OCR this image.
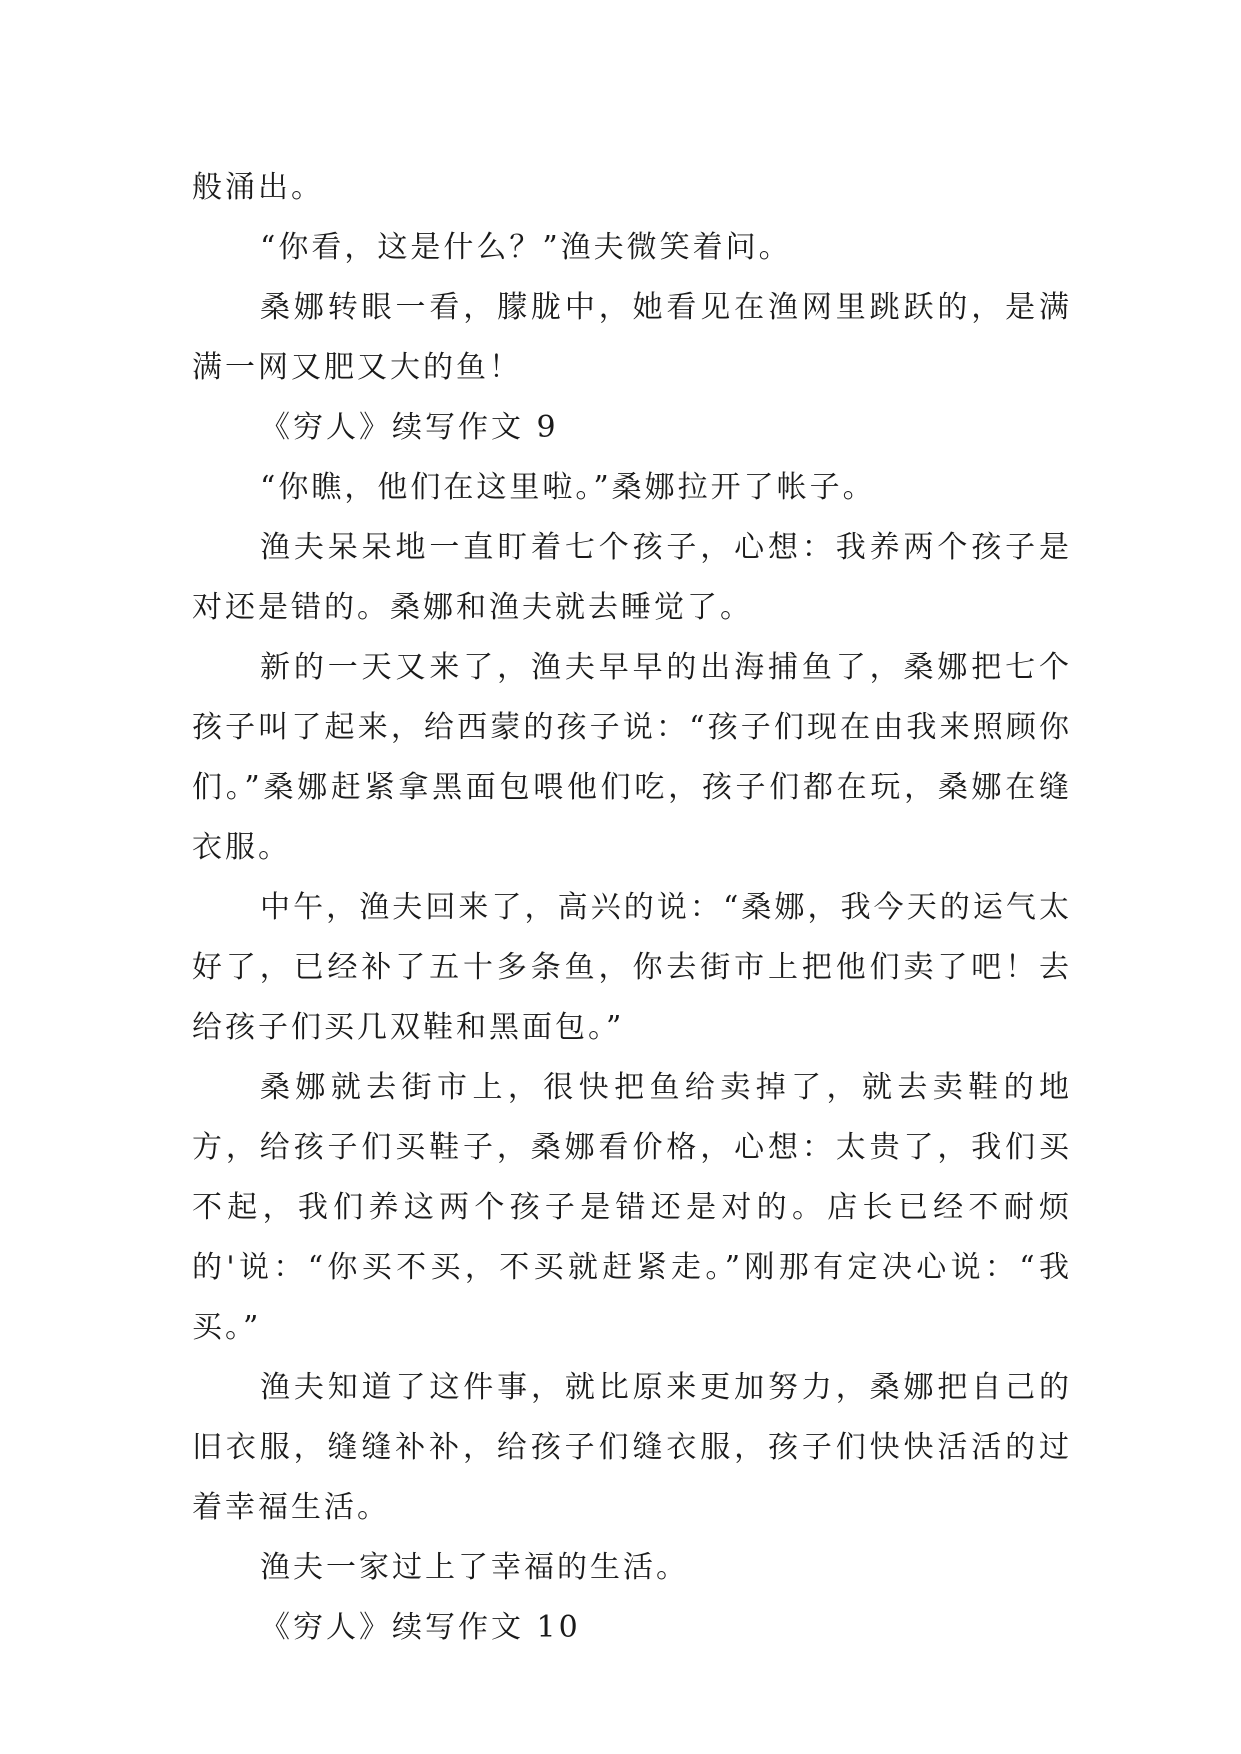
般涌出。

“你看，这是什么？”渔夫微笑着问。

桑娜转眼一看，朦胧中，她看见在渔网里跳跃的，是满满一网又肥又大的鱼！

《穷人》续写作文 9

“你瞧，他们在这里啦。”桑娜拉开了帐子。

渔夫呆呆地一直盯着七个孩子，心想：我养两个孩子是对还是错的。桑娜和渔夫就去睡觉了。

新的一天又来了，渔夫早早的出海捕鱼了，桑娜把七个孩子叫了起来，给西蒙的孩子说：“孩子们现在由我来照顾你们。”桑娜赶紧拿黑面包喂他们吃，孩子们都在玩，桑娜在缝衣服。

中午，渔夫回来了，高兴的说：“桑娜，我今天的运气太好了，已经补了五十多条鱼，你去街市上把他们卖了吧！去给孩子们买几双鞋和黑面包。”

桑娜就去街市上，很快把鱼给卖掉了，就去卖鞋的地方，给孩子们买鞋子，桑娜看价格，心想：太贵了，我们买不起，我们养这两个孩子是错还是对的。店长已经不耐烦的'说：“你买不买，不买就赶紧走。”刚那有定决心说：“我买。”

渔夫知道了这件事，就比原来更加努力，桑娜把自己的旧衣服，缝缝补补，给孩子们缝衣服，孩子们快快活活的过着幸福生活。

渔夫一家过上了幸福的生活。

《穷人》续写作文 10
